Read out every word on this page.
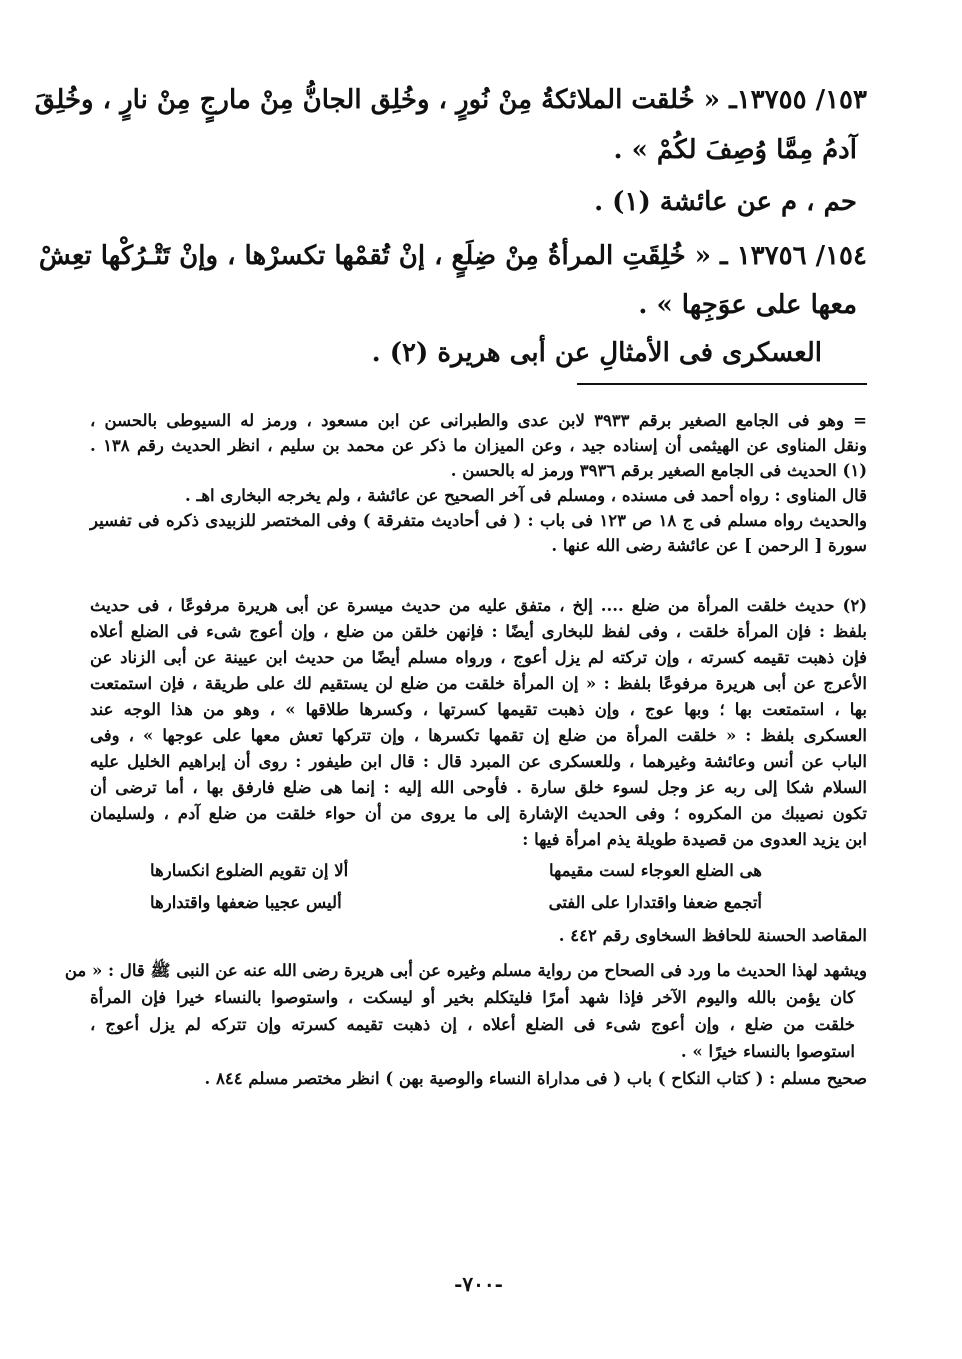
١٥٣/ ١٣٧٥٥ـ « خُلقت الملائكةُ مِنْ نُورٍ ، وخُلِق الجانُّ مِنْ مارجٍ مِنْ نارٍ ، وخُلِقَ
آدمُ مِمَّا وُصِفَ لكُمْ » .
حم ، م عن عائشة (١) .
١٥٤/ ١٣٧٥٦ ـ « خُلِقَتِ المرأةُ مِنْ ضِلَعٍ ، إنْ تُقمْها تكسرْها ، وإنْ تَتْـرُكْها تعِشْ
معها على عوَجِها » .
العسكرى فى الأمثالِ عن أبى هريرة (٢) .
= وهو فى الجامع الصغير برقم ٣٩٣٣ لابن عدى والطبرانى عن ابن مسعود ، ورمز له السيوطى بالحسن ،
ونقل المناوى عن الهيثمى أن إسناده جيد ، وعن الميزان ما ذكر عن محمد بن سليم ، انظر الحديث رقم ١٣٨ .
(١) الحديث فى الجامع الصغير برقم ٣٩٣٦ ورمز له بالحسن .
قال المناوى : رواه أحمد فى مسنده ، ومسلم فى آخر الصحيح عن عائشة ، ولم يخرجه البخارى اهـ .
والحديث رواه مسلم فى ج ١٨ ص ١٢٣ فى باب : ( فى أحاديث متفرقة ) وفى المختصر للزبيدى ذكره فى تفسير
سورة [ الرحمن ] عن عائشة رضى الله عنها .
(٢) حديث خلقت المرأة من ضلع .... إلخ ، متفق عليه من حديث ميسرة عن أبى هريرة مرفوعًا ، فى حديث
بلفظ : فإن المرأة خلقت ، وفى لفظ للبخارى أيضًا : فإنهن خلقن من ضلع ، وإن أعوج شىء فى الضلع أعلاه
فإن ذهبت تقيمه كسرته ، وإن تركته لم يزل أعوج ، ورواه مسلم أيضًا من حديث ابن عيينة عن أبى الزناد عن
الأعرج عن أبى هريرة مرفوعًا بلفظ : « إن المرأة خلقت من ضلع لن يستقيم لك على طريقة ، فإن استمتعت
بها ، استمتعت بها ؛ وبها عوج ، وإن ذهبت تقيمها كسرتها ، وكسرها طلاقها » ، وهو من هذا الوجه عند
العسكرى بلفظ : « خلقت المرأة من ضلع إن تقمها تكسرها ، وإن تتركها تعش معها على عوجها » ، وفى
الباب عن أنس وعائشة وغيرهما ، وللعسكرى عن المبرد قال : قال ابن طيفور : روى أن إبراهيم الخليل عليه
السلام شكا إلى ربه عز وجل لسوء خلق سارة . فأوحى الله إليه : إنما هى ضلع فارفق بها ، أما ترضى أن
تكون نصيبك من المكروه ؛ وفى الحديث الإشارة إلى ما يروى من أن حواء خلقت من ضلع آدم ، ولسليمان
ابن يزيد العدوى من قصيدة طويلة يذم امرأة فيها :
هى الضلع العوجاء لست مقيمها
ألا إن تقويم الضلوع انكسارها
أتجمع ضعفا واقتدارا على الفتى
أليس عجيبا ضعفها واقتدارها
المقاصد الحسنة للحافظ السخاوى رقم ٤٤٢ .
ويشهد لهذا الحديث ما ورد فى الصحاح من رواية مسلم وغيره عن أبى هريرة رضى الله عنه عن النبى ﷺ قال : « من
كان يؤمن بالله واليوم الآخر فإذا شهد أمرًا فليتكلم بخير أو ليسكت ، واستوصوا بالنساء خيرا فإن المرأة
خلقت من ضلع ، وإن أعوج شىء فى الضلع أعلاه ، إن ذهبت تقيمه كسرته وإن تتركه لم يزل أعوج ،
استوصوا بالنساء خيرًا » .
صحيح مسلم : ( كتاب النكاح ) باب ( فى مداراة النساء والوصية بهن ) انظر مختصر مسلم ٨٤٤ .
-٧٠٠-
